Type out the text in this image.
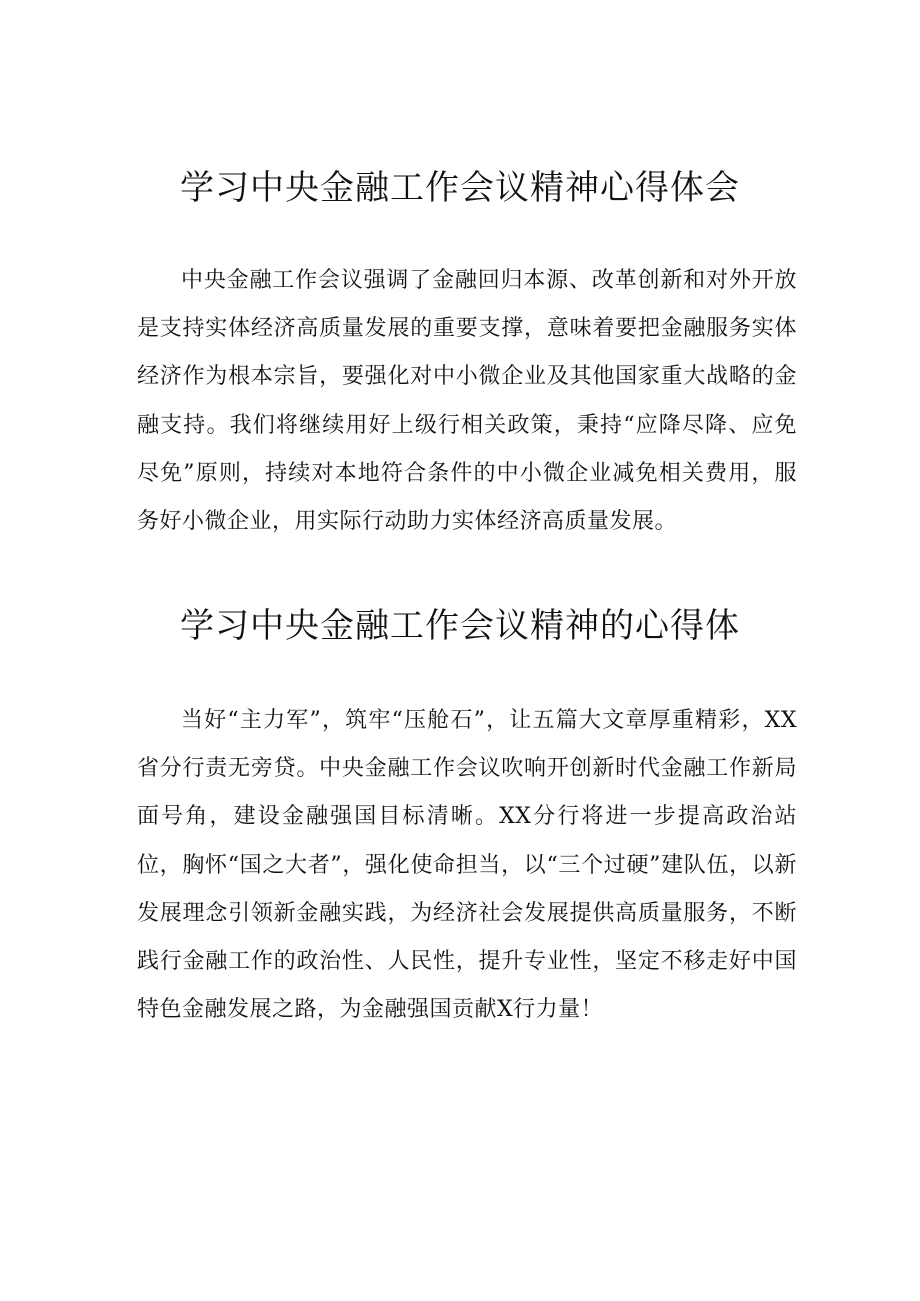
学习中央金融工作会议精神心得体会

中央金融工作会议强调了金融回归本源、改革创新和对外开放是支持实体经济高质量发展的重要支撑，意味着要把金融服务实体经济作为根本宗旨，要强化对中小微企业及其他国家重大战略的金融支持。我们将继续用好上级行相关政策，秉持“应降尽降、应免尽免”原则，持续对本地符合条件的中小微企业减免相关费用，服务好小微企业，用实际行动助力实体经济高质量发展。

学习中央金融工作会议精神的心得体

当好“主力军”，筑牢“压舱石”，让五篇大文章厚重精彩，XX省分行责无旁贷。中央金融工作会议吹响开创新时代金融工作新局面号角，建设金融强国目标清晰。XX分行将进一步提高政治站位，胸怀“国之大者”，强化使命担当，以“三个过硬”建队伍，以新发展理念引领新金融实践，为经济社会发展提供高质量服务，不断践行金融工作的政治性、人民性，提升专业性，坚定不移走好中国特色金融发展之路，为金融强国贡献X行力量！
